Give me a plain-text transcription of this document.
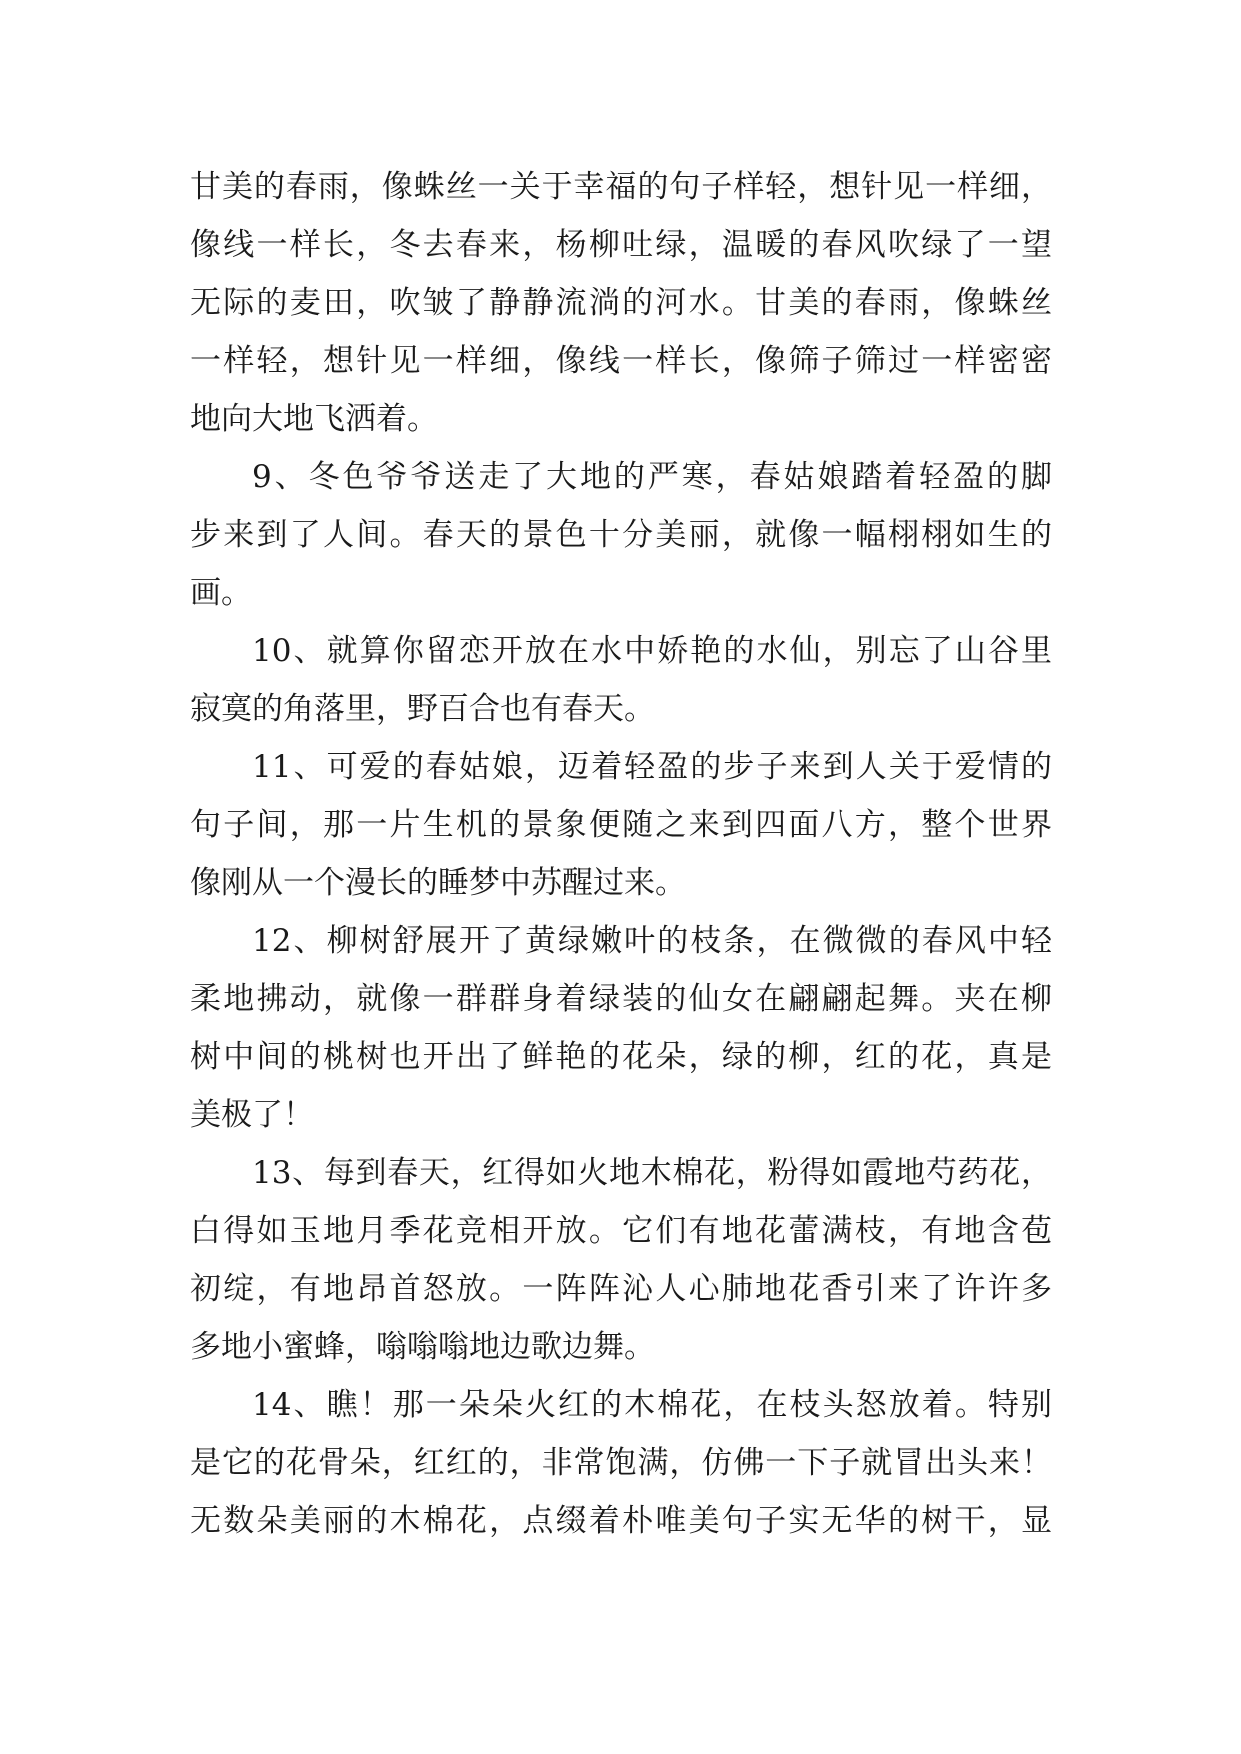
甘美的春雨，像蛛丝一关于幸福的句子样轻，想针见一样细，
像线一样长，冬去春来，杨柳吐绿，温暖的春风吹绿了一望
无际的麦田，吹皱了静静流淌的河水。甘美的春雨，像蛛丝
一样轻，想针见一样细，像线一样长，像筛子筛过一样密密
地向大地飞洒着。
9、冬色爷爷送走了大地的严寒，春姑娘踏着轻盈的脚
步来到了人间。春天的景色十分美丽，就像一幅栩栩如生的
画。
10、就算你留恋开放在水中娇艳的水仙，别忘了山谷里
寂寞的角落里，野百合也有春天。
11、可爱的春姑娘，迈着轻盈的步子来到人关于爱情的
句子间，那一片生机的景象便随之来到四面八方，整个世界
像刚从一个漫长的睡梦中苏醒过来。
12、柳树舒展开了黄绿嫩叶的枝条，在微微的春风中轻
柔地拂动，就像一群群身着绿装的仙女在翩翩起舞。夹在柳
树中间的桃树也开出了鲜艳的花朵，绿的柳，红的花，真是
美极了！
13、每到春天，红得如火地木棉花，粉得如霞地芍药花，
白得如玉地月季花竞相开放。它们有地花蕾满枝，有地含苞
初绽，有地昂首怒放。一阵阵沁人心肺地花香引来了许许多
多地小蜜蜂，嗡嗡嗡地边歌边舞。
14、瞧！那一朵朵火红的木棉花，在枝头怒放着。特别
是它的花骨朵，红红的，非常饱满，仿佛一下子就冒出头来！
无数朵美丽的木棉花，点缀着朴唯美句子实无华的树干，显
